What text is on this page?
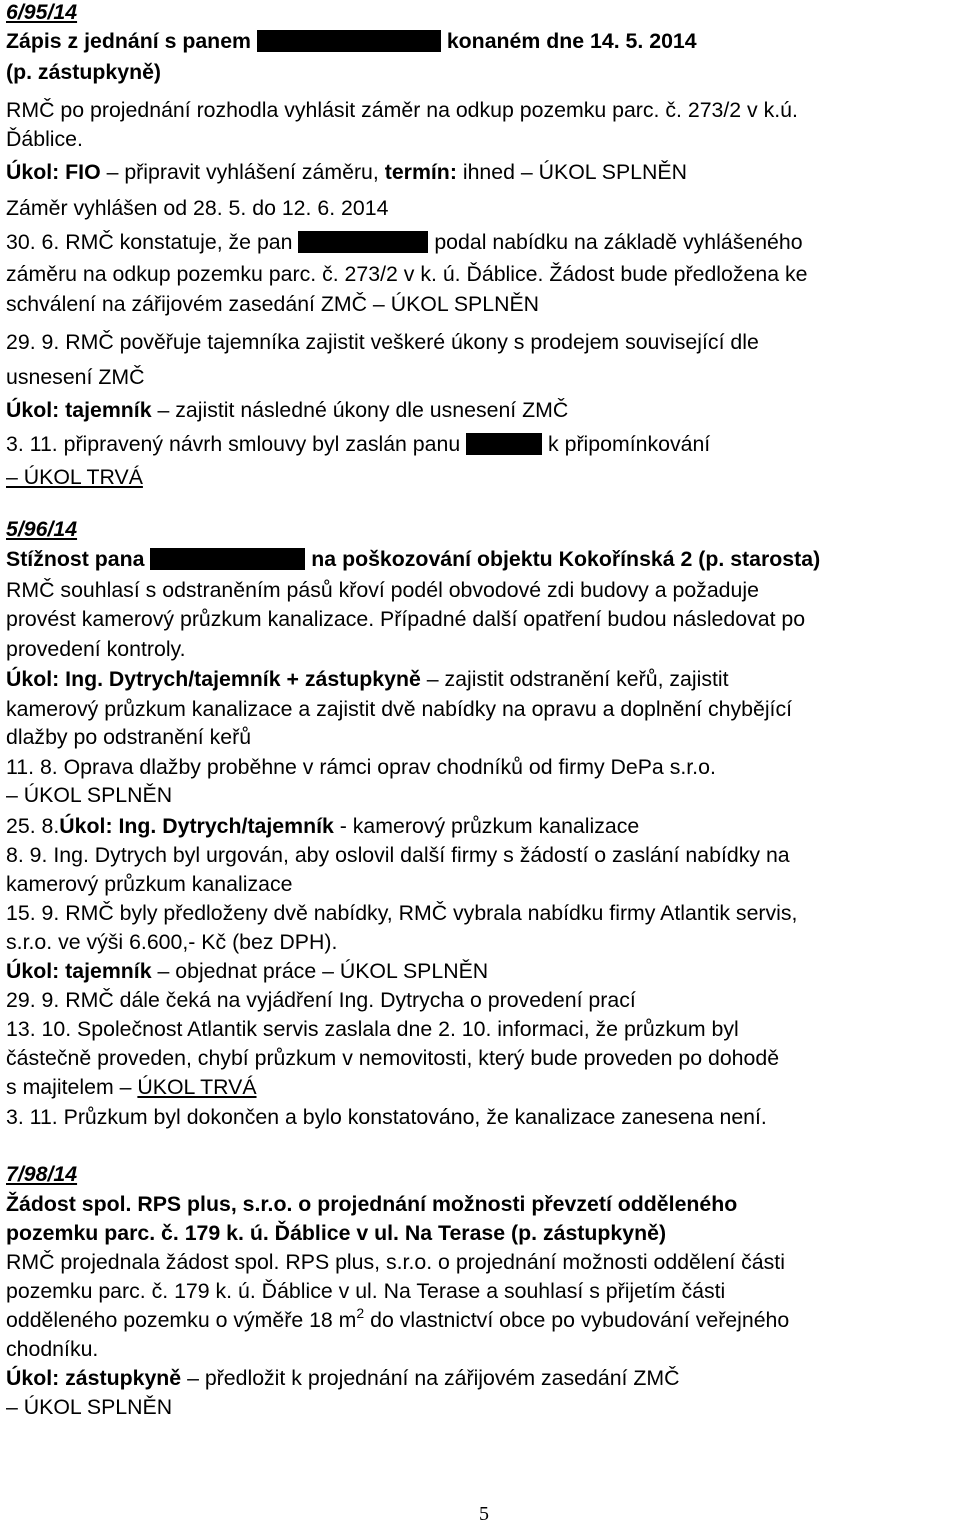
6/95/14
Zápis z jednání s panem	konaném dne 14. 5. 2014
(p. zástupkyně)
RMČ po projednání rozhodla vyhlásit záměr na odkup pozemku parc. č. 273/2 v k.ú.
Ďáblice.
Úkol: FIO – připravit vyhlášení záměru, termín: ihned – ÚKOL SPLNĚN
Záměr vyhlášen od 28. 5. do 12. 6. 2014
30. 6. RMČ konstatuje, že pan	podal nabídku na základě vyhlášeného
záměru na odkup pozemku parc. č. 273/2 v k. ú. Ďáblice. Žádost bude předložena ke
schválení na zářijovém zasedání ZMČ – ÚKOL SPLNĚN
29. 9. RMČ pověřuje tajemníka zajistit veškeré úkony s prodejem související dle
usnesení ZMČ
Úkol: tajemník – zajistit následné úkony dle usnesení ZMČ
3. 11. připravený návrh smlouvy byl zaslán panu	k připomínkování
– ÚKOL TRVÁ
5/96/14
Stížnost pana	na poškozování objektu Kokořínská 2 (p. starosta)
RMČ souhlasí s odstraněním pásů křoví podél obvodové zdi budovy a požaduje
provést kamerový průzkum kanalizace. Případné další opatření budou následovat po
provedení kontroly.
Úkol: Ing. Dytrych/tajemník + zástupkyně – zajistit odstranění keřů, zajistit
kamerový průzkum kanalizace a zajistit dvě nabídky na opravu a doplnění chybějící
dlažby po odstranění keřů
11. 8. Oprava dlažby proběhne v rámci oprav chodníků od firmy DePa s.r.o.
– ÚKOL SPLNĚN
25. 8.Úkol: Ing. Dytrych/tajemník - kamerový průzkum kanalizace
8. 9. Ing. Dytrych byl urgován, aby oslovil další firmy s žádostí o zaslání nabídky na
kamerový průzkum kanalizace
15. 9. RMČ byly předloženy dvě nabídky, RMČ vybrala nabídku firmy Atlantik servis,
s.r.o. ve výši 6.600,- Kč (bez DPH).
Úkol: tajemník – objednat práce – ÚKOL SPLNĚN
29. 9. RMČ dále čeká na vyjádření Ing. Dytrycha o provedení prací
13. 10. Společnost Atlantik servis zaslala dne 2. 10. informaci, že průzkum byl
částečně proveden, chybí průzkum v nemovitosti, který bude proveden po dohodě
s majitelem – ÚKOL TRVÁ
3. 11. Průzkum byl dokončen a bylo konstatováno, že kanalizace zanesena není.
7/98/14
Žádost spol. RPS plus, s.r.o. o projednání možnosti převzetí odděleného
pozemku parc. č. 179 k. ú. Ďáblice v ul. Na Terase (p. zástupkyně)
RMČ projednala žádost spol. RPS plus, s.r.o. o projednání možnosti oddělení části
pozemku parc. č. 179 k. ú. Ďáblice v ul. Na Terase a souhlasí s přijetím části
odděleného pozemku o výměře 18 $m^2$ do vlastnictví obce po vybudování veřejného
chodníku.
Úkol: zástupkyně – předložit k projednání na zářijovém zasedání ZMČ
– ÚKOL SPLNĚN
5
